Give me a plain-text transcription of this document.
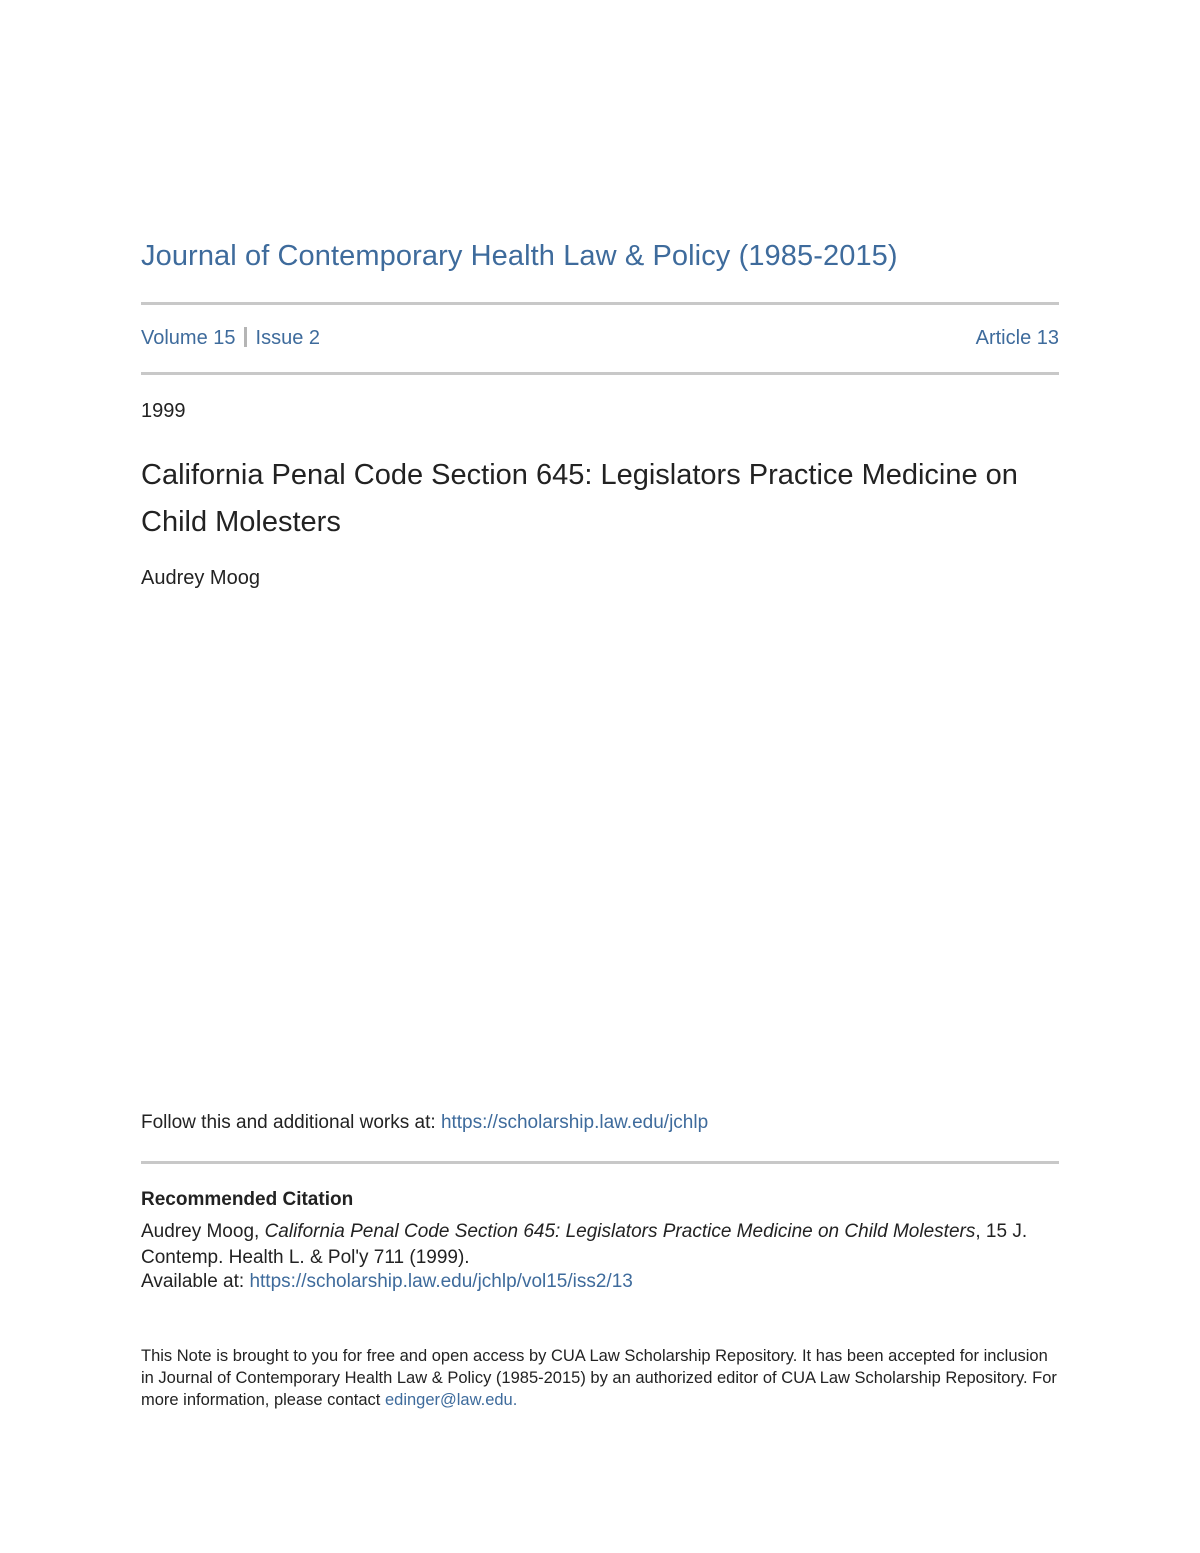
Journal of Contemporary Health Law & Policy (1985-2015)
Volume 15 Issue 2	Article 13
1999
California Penal Code Section 645: Legislators Practice Medicine on Child Molesters
Audrey Moog
Follow this and additional works at: https://scholarship.law.edu/jchlp
Recommended Citation
Audrey Moog, California Penal Code Section 645: Legislators Practice Medicine on Child Molesters, 15 J. Contemp. Health L. & Pol'y 711 (1999).
Available at: https://scholarship.law.edu/jchlp/vol15/iss2/13
This Note is brought to you for free and open access by CUA Law Scholarship Repository. It has been accepted for inclusion in Journal of Contemporary Health Law & Policy (1985-2015) by an authorized editor of CUA Law Scholarship Repository. For more information, please contact edinger@law.edu.
